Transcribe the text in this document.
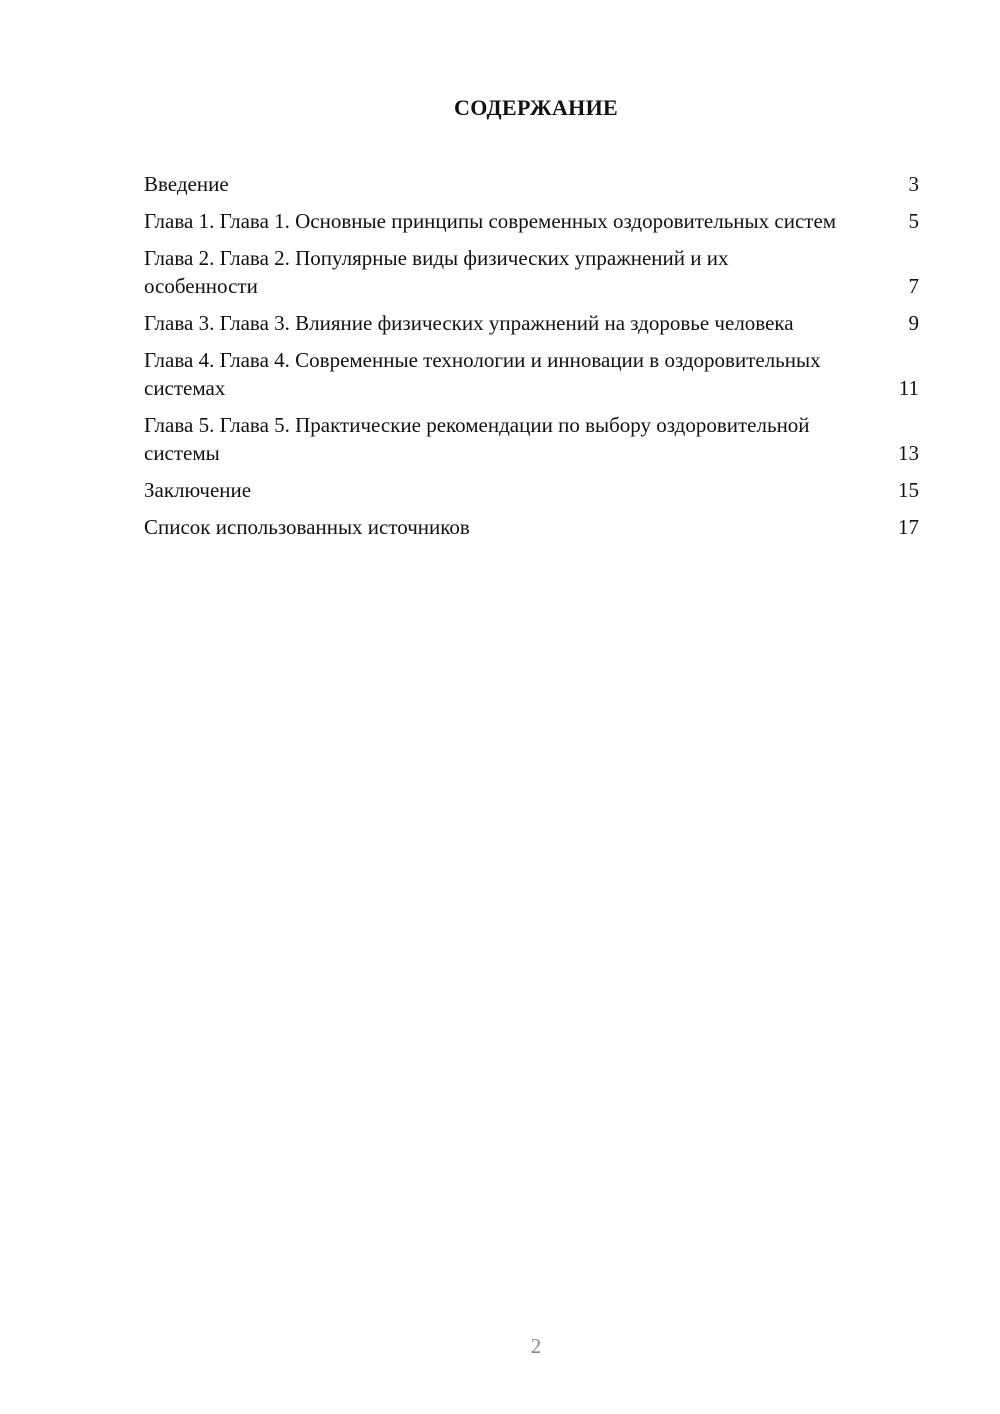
СОДЕРЖАНИЕ
Введение	3
Глава 1. Глава 1. Основные принципы современных оздоровительных систем	5
Глава 2. Глава 2. Популярные виды физических упражнений и их особенности	7
Глава 3. Глава 3. Влияние физических упражнений на здоровье человека	9
Глава 4. Глава 4. Современные технологии и инновации в оздоровительных системах	11
Глава 5. Глава 5. Практические рекомендации по выбору оздоровительной системы	13
Заключение	15
Список использованных источников	17
2
